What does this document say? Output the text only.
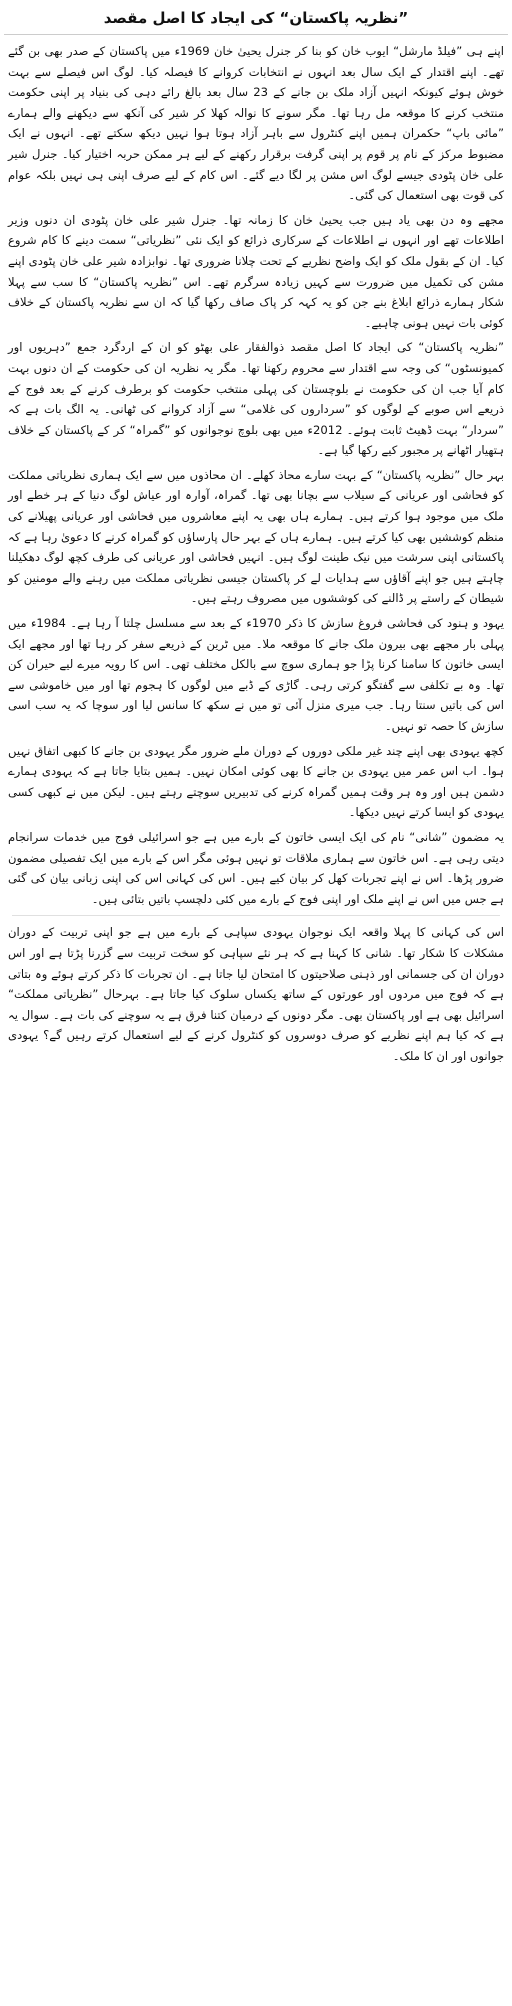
”نظریہ پاکستان“ کی ایجاد کا اصل مقصد

اپنے ہی ”فیلڈ مارشل“ ایوب خان کو بنا کر جنرل یحییٰ خان 1969ء میں پاکستان کے صدر بھی بن گئے تھے۔ اپنے اقتدار کے ایک سال بعد انہوں نے انتخابات کروانے کا فیصلہ کیا۔ لوگ اس فیصلے سے بہت خوش ہوئے کیونکہ انہیں آزاد ملک بن جانے کے 23 سال بعد بالغ رائے دہی کی بنیاد پر اپنی حکومت منتخب کرنے کا موقعہ مل رہا تھا۔ مگر سونے کا نوالہ کھلا کر شیر کی آنکھ سے دیکھنے والے ہمارے ”مائی باپ“ حکمران ہمیں اپنے کنٹرول سے باہر آزاد ہوتا ہوا نہیں دیکھ سکتے تھے۔ انہوں نے ایک مضبوط مرکز کے نام پر قوم پر اپنی گرفت برقرار رکھنے کے لیے ہر ممکن حربہ اختیار کیا۔ جنرل شیر علی خان پٹودی جیسے لوگ اس مشن پر لگا دیے گئے۔ اس کام کے لیے صرف اپنی ہی نہیں بلکہ عوام کی قوت بھی استعمال کی گئی۔

مجھے وہ دن بھی یاد ہیں جب یحییٰ خان کا زمانہ تھا۔ جنرل شیر علی خان پٹودی ان دنوں وزیر اطلاعات تھے اور انہوں نے اطلاعات کے سرکاری ذرائع کو ایک نئی ”نظریاتی“ سمت دینے کا کام شروع کیا۔ ان کے بقول ملک کو ایک واضح نظریے کے تحت چلانا ضروری تھا۔ نوابزادہ شیر علی خان پٹودی اپنے مشن کی تکمیل میں ضرورت سے کہیں زیادہ سرگرم تھے۔ اس ”نظریہ پاکستان“ کا سب سے پہلا شکار ہمارے ذرائع ابلاغ بنے جن کو یہ کہہ کر پاک صاف رکھا گیا کہ ان سے نظریہ پاکستان کے خلاف کوئی بات نہیں ہونی چاہیے۔

”نظریہ پاکستان“ کی ایجاد کا اصل مقصد ذوالفقار علی بھٹو کو ان کے اردگرد جمع ”دہریوں اور کمیونسٹوں“ کی وجہ سے اقتدار سے محروم رکھنا تھا۔ مگر یہ نظریہ ان کی حکومت کے ان دنوں بہت کام آیا جب ان کی حکومت نے بلوچستان کی پہلی منتخب حکومت کو برطرف کرنے کے بعد فوج کے ذریعے اس صوبے کے لوگوں کو ”سرداروں کی غلامی“ سے آزاد کروانے کی ٹھانی۔ یہ الگ بات ہے کہ ”سردار“ بہت ڈھیٹ ثابت ہوئے۔ 2012ء میں بھی بلوچ نوجوانوں کو ”گمراہ“ کر کے پاکستان کے خلاف ہتھیار اٹھانے پر مجبور کیے رکھا گیا ہے۔

بہر حال ”نظریہ پاکستان“ کے بہت سارے محاذ کھلے۔ ان محاذوں میں سے ایک ہماری نظریاتی مملکت کو فحاشی اور عریانی کے سیلاب سے بچانا بھی تھا۔ گمراہ، آوارہ اور عیاش لوگ دنیا کے ہر خطے اور ملک میں موجود ہوا کرتے ہیں۔ ہمارے ہاں بھی یہ اپنے معاشروں میں فحاشی اور عریانی پھیلانے کی منظم کوششیں بھی کیا کرتے ہیں۔ ہمارے ہاں کے بہر حال پارساؤں کو گمراہ کرنے کا دعویٰ رہا ہے کہ پاکستانی اپنی سرشت میں نیک طینت لوگ ہیں۔ انہیں فحاشی اور عریانی کی طرف کچھ لوگ دھکیلنا چاہتے ہیں جو اپنے آقاؤں سے ہدایات لے کر پاکستان جیسی نظریاتی مملکت میں رہنے والے مومنین کو شیطان کے راستے پر ڈالنے کی کوششوں میں مصروف رہتے ہیں۔

یہود و ہنود کی فحاشی فروغ سازش کا ذکر 1970ء کے بعد سے مسلسل چلتا آ رہا ہے۔ 1984ء میں پہلی بار مجھے بھی بیرون ملک جانے کا موقعہ ملا۔ میں ٹرین کے ذریعے سفر کر رہا تھا اور مجھے ایک ایسی خاتون کا سامنا کرنا پڑا جو ہماری سوچ سے بالکل مختلف تھی۔ اس کا رویہ میرے لیے حیران کن تھا۔ وہ بے تکلفی سے گفتگو کرتی رہی۔ گاڑی کے ڈبے میں لوگوں کا ہجوم تھا اور میں خاموشی سے اس کی باتیں سنتا رہا۔ جب میری منزل آئی تو میں نے سکھ کا سانس لیا اور سوچا کہ یہ سب اسی سازش کا حصہ تو نہیں۔

کچھ یہودی بھی اپنے چند غیر ملکی دوروں کے دوران ملے ضرور مگر یہودی بن جانے کا کبھی اتفاق نہیں ہوا۔ اب اس عمر میں یہودی بن جانے کا بھی کوئی امکان نہیں۔ ہمیں بتایا جاتا ہے کہ یہودی ہمارے دشمن ہیں اور وہ ہر وقت ہمیں گمراہ کرنے کی تدبیریں سوچتے رہتے ہیں۔ لیکن میں نے کبھی کسی یہودی کو ایسا کرتے نہیں دیکھا۔

یہ مضمون ”شانی“ نام کی ایک ایسی خاتون کے بارے میں ہے جو اسرائیلی فوج میں خدمات سرانجام دیتی رہی ہے۔ اس خاتون سے ہماری ملاقات تو نہیں ہوئی مگر اس کے بارے میں ایک تفصیلی مضمون ضرور پڑھا۔ اس نے اپنے تجربات کھل کر بیان کیے ہیں۔ اس کی کہانی اس کی اپنی زبانی بیان کی گئی ہے جس میں اس نے اپنے ملک اور اپنی فوج کے بارے میں کئی دلچسپ باتیں بتائی ہیں۔

اس کی کہانی کا پہلا واقعہ ایک نوجوان یہودی سپاہی کے بارے میں ہے جو اپنی تربیت کے دوران مشکلات کا شکار تھا۔ شانی کا کہنا ہے کہ ہر نئے سپاہی کو سخت تربیت سے گزرنا پڑتا ہے اور اس دوران ان کی جسمانی اور ذہنی صلاحیتوں کا امتحان لیا جاتا ہے۔ ان تجربات کا ذکر کرتے ہوئے وہ بتاتی ہے کہ فوج میں مردوں اور عورتوں کے ساتھ یکساں سلوک کیا جاتا ہے۔ بہرحال ”نظریاتی مملکت“ اسرائیل بھی ہے اور پاکستان بھی۔ مگر دونوں کے درمیان کتنا فرق ہے یہ سوچنے کی بات ہے۔ سوال یہ ہے کہ کیا ہم اپنے نظریے کو صرف دوسروں کو کنٹرول کرنے کے لیے استعمال کرتے رہیں گے؟ یہودی جوانوں اور ان کا ملک۔
